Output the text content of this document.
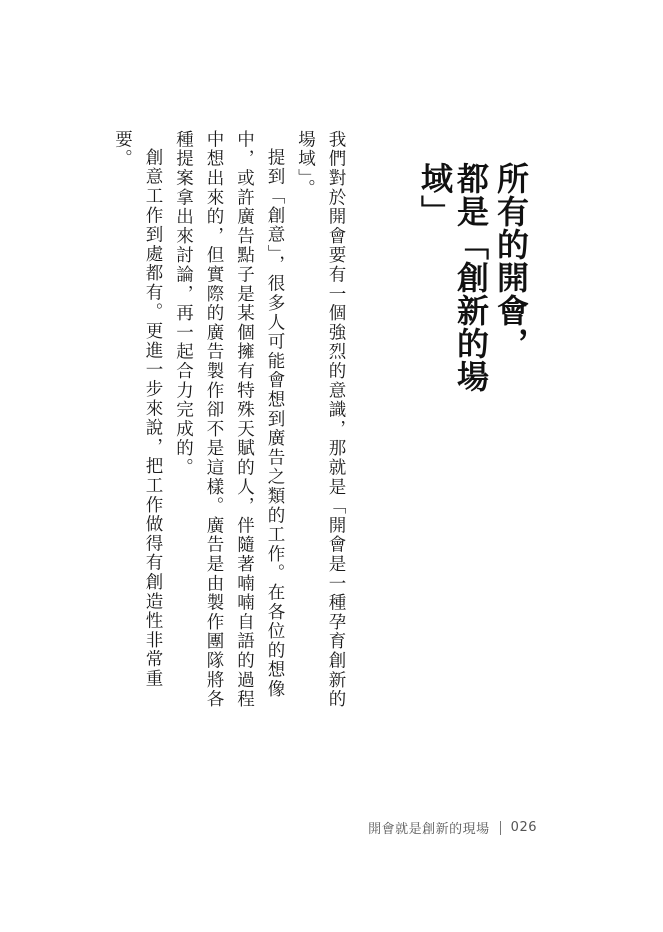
所有的開會，
都是「創新的場域」

我們對於開會要有一個強烈的意識，那就是「開會是一種孕育創新的場域」。

提到「創意」，很多人可能會想到廣告之類的工作。在各位的想像中，或許廣告點子是某個擁有特殊天賦的人，伴隨著喃喃自語的過程中想出來的，但實際的廣告製作卻不是這樣。廣告是由製作團隊將各種提案拿出來討論，再一起合力完成的。

創意工作到處都有。更進一步來說，把工作做得有創造性非常重要。

開會就是創新的現場 026
